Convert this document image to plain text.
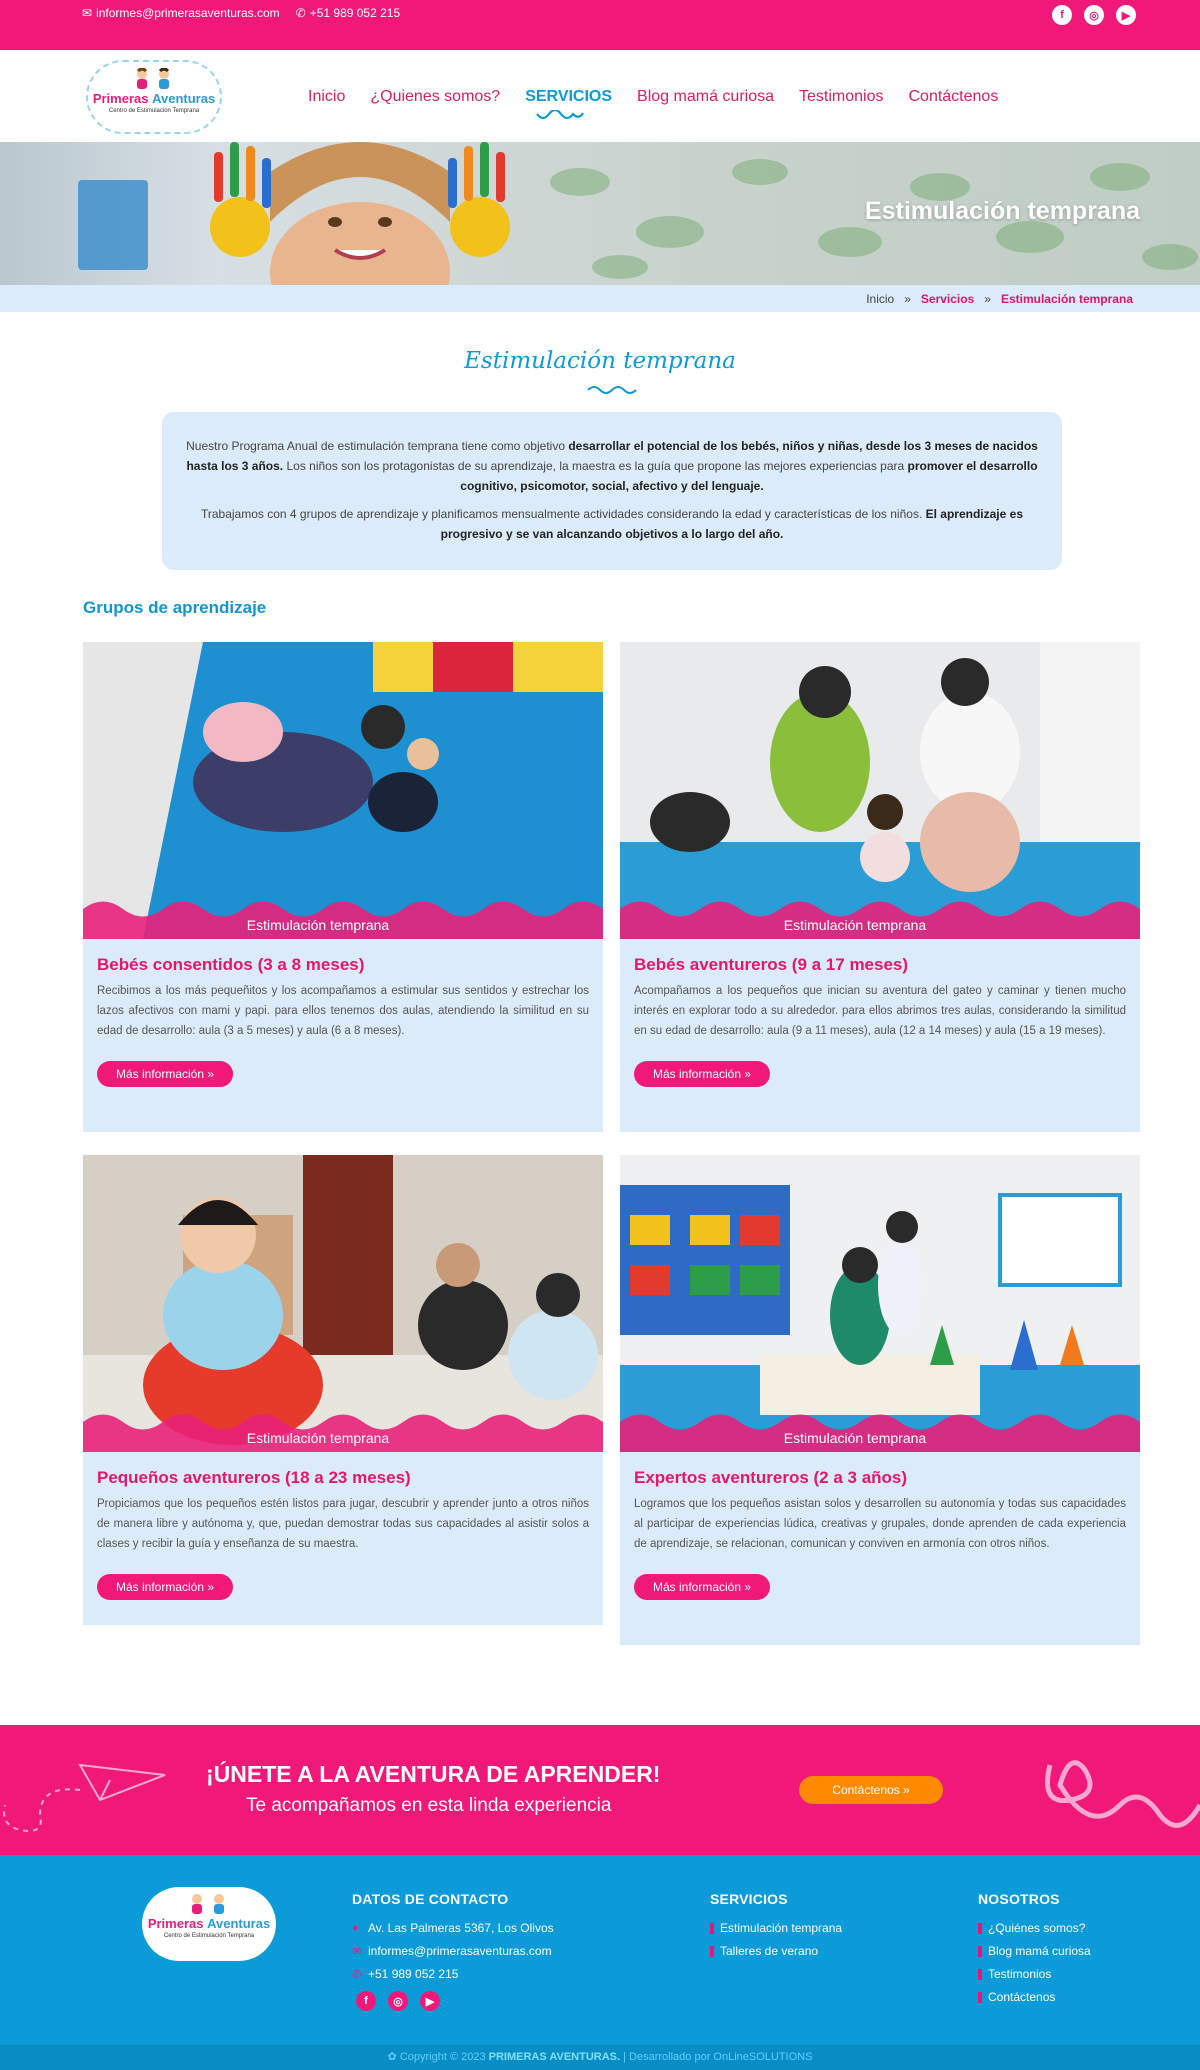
✉ informes@primerasaventuras.com ✆ +51 989 052 215	f	◎	▶
Primeras Aventuras
Centro de Estimulación Temprana
Inicio ¿Quienes somos? SERVICIOS Blog mamá curiosa Testimonios Contáctenos
Estimulación temprana
Inicio » Servicios » Estimulación temprana
Estimulación temprana

Nuestro Programa Anual de estimulación temprana tiene como objetivo desarrollar el potencial de los bebés, niños y niñas, desde los 3 meses de nacidos hasta los 3 años. Los niños son los protagonistas de su aprendizaje, la maestra es la guía que propone las mejores experiencias para promover el desarrollo cognitivo, psicomotor, social, afectivo y del lenguaje.

Trabajamos con 4 grupos de aprendizaje y planificamos mensualmente actividades considerando la edad y características de los niños. El aprendizaje es progresivo y se van alcanzando objetivos a lo largo del año.

Grupos de aprendizaje
Estimulación temprana
Bebés consentidos (3 a 8 meses)

Recibimos a los más pequeñitos y los acompañamos a estimular sus sentidos y estrechar los lazos afectivos con mami y papi. para ellos tenemos dos aulas, atendiendo la similitud en su edad de desarrollo: aula (3 a 5 meses) y aula (6 a 8 meses).

Más información »
Estimulación temprana
Bebés aventureros (9 a 17 meses)

Acompañamos a los pequeños que inician su aventura del gateo y caminar y tienen mucho interés en explorar todo a su alrededor. para ellos abrimos tres aulas, considerando la similitud en su edad de desarrollo: aula (9 a 11 meses), aula (12 a 14 meses) y aula (15 a 19 meses).

Más información »
Estimulación temprana
Pequeños aventureros (18 a 23 meses)

Propiciamos que los pequeños estén listos para jugar, descubrir y aprender junto a otros niños de manera libre y autónoma y, que, puedan demostrar todas sus capacidades al asistir solos a clases y recibir la guía y enseñanza de su maestra.

Más información »
Estimulación temprana
Expertos aventureros (2 a 3 años)

Logramos que los pequeños asistan solos y desarrollen su autonomía y todas sus capacidades al participar de experiencias lúdica, creativas y grupales, donde aprenden de cada experiencia de aprendizaje, se relacionan, comunican y conviven en armonía con otros niños.

Más información »
¡ÚNETE A LA AVENTURA DE APRENDER!
Te acompañamos en esta linda experiencia
Contáctenos »
Primeras Aventuras
Centro de Estimulación Temprana
DATOS DE CONTACTO
● Av. Las Palmeras 5367, Los Olivos
✉ informes@primerasaventuras.com
✆ +51 989 052 215
f	◎	▶
SERVICIOS
Estimulación temprana
Talleres de verano
NOSOTROS
¿Quiénes somos?
Blog mamá curiosa
Testimonios
Contáctenos
✿ Copyright © 2023 PRIMERAS AVENTURAS. | Desarrollado por OnLineSOLUTIONS
